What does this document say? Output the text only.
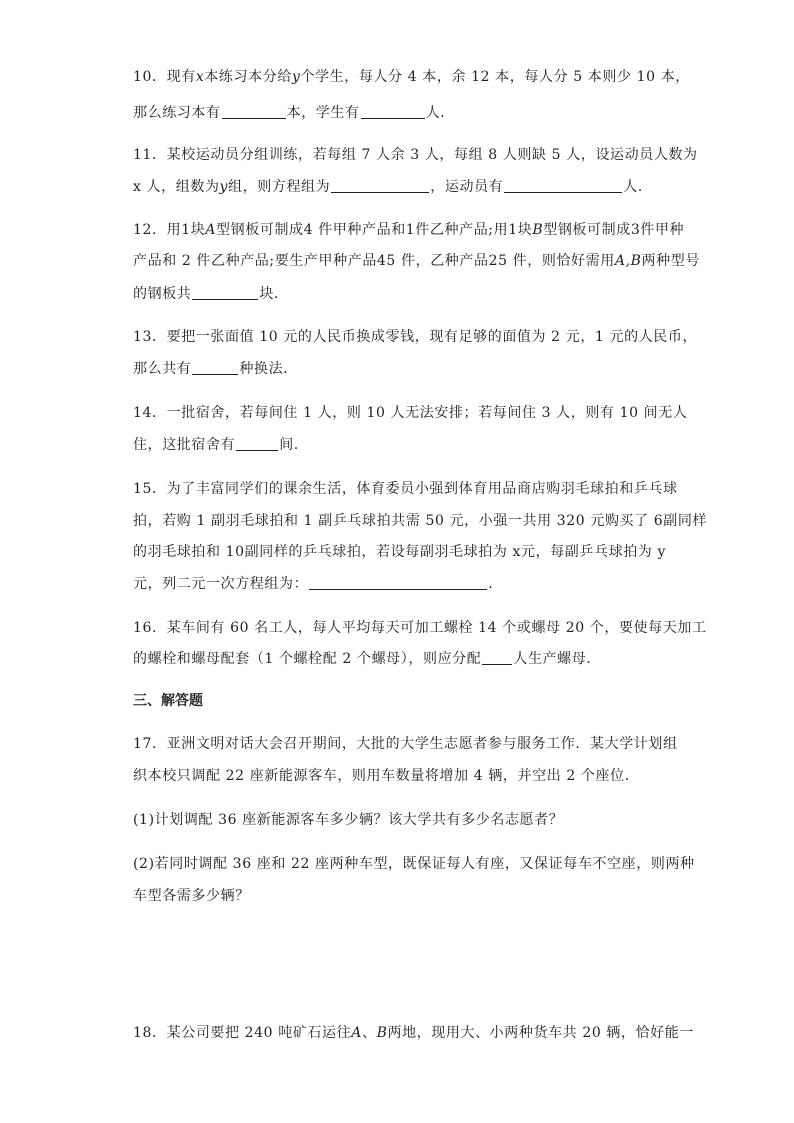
10．现有x本练习本分给y个学生，每人分 4 本，余 12 本，每人分 5 本则少 10 本，
那么练习本有	本，学生有	人．
11．某校运动员分组训练，若每组 7 人余 3 人，每组 8 人则缺 5 人，设运动员人数为
x 人，组数为y组，则方程组为	，运动员有	人．
12．用1块A型钢板可制成4 件甲种产品和1件乙种产品;用1块B型钢板可制成3件甲种
产品和 2 件乙种产品;要生产甲种产品45 件，乙种产品25 件，则恰好需用A,B两种型号
的钢板共	块．
13．要把一张面值 10 元的人民币换成零钱，现有足够的面值为 2 元，1 元的人民币，
那么共有	种换法．
14．一批宿舍，若每间住 1 人，则 10 人无法安排；若每间住 3 人，则有 10 间无人
住，这批宿舍有	间.
15．为了丰富同学们的课余生活，体育委员小强到体育用品商店购羽毛球拍和乒乓球
拍，若购 1 副羽毛球拍和 1 副乒乓球拍共需 50 元，小强一共用 320 元购买了 6副同样
的羽毛球拍和 10副同样的乒乓球拍，若设每副羽毛球拍为 x元，每副乒乓球拍为 y
元，列二元一次方程组为：	．
16．某车间有 60 名工人，每人平均每天可加工螺栓 14 个或螺母 20 个，要使每天加工
的螺栓和螺母配套（1 个螺栓配 2 个螺母），则应分配 人生产螺母．
三、解答题
17．亚洲文明对话大会召开期间，大批的大学生志愿者参与服务工作．某大学计划组
织本校只调配 22 座新能源客车，则用车数量将增加 4 辆，并空出 2 个座位．
(1)计划调配 36 座新能源客车多少辆？该大学共有多少名志愿者？
(2)若同时调配 36 座和 22 座两种车型，既保证每人有座，又保证每车不空座，则两种
车型各需多少辆？
18．某公司要把 240 吨矿石运往A、B两地，现用大、小两种货车共 20 辆，恰好能一
